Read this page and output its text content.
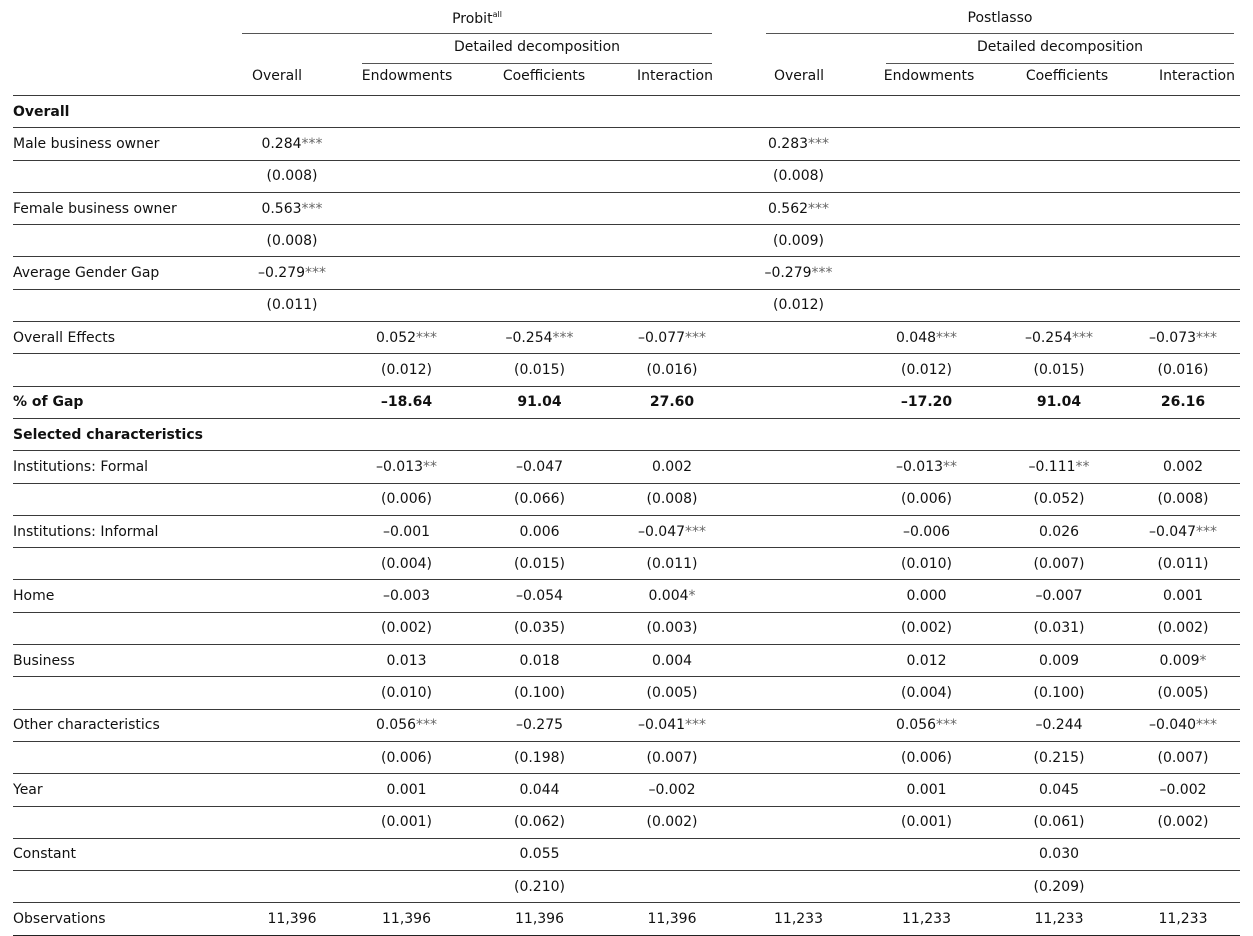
Probit$^{all}$
Detailed decomposition
Postlasso
Detailed decomposition
Overall	Endowments	Coefficients	Interaction	Overall	Endowments	Coefficients	Interaction
Overall								
Male business owner	0.284***				0.283***			
	(0.008)				(0.008)			
Female business owner	0.563***				0.562***			
	(0.008)				(0.009)			
Average Gender Gap	–0.279***				–0.279***			
	(0.011)				(0.012)			
Overall Effects		0.052***	–0.254***	–0.077***		0.048***	–0.254***	–0.073***
		(0.012)	(0.015)	(0.016)		(0.012)	(0.015)	(0.016)
% of Gap		–18.64	91.04	27.60		–17.20	91.04	26.16
Selected characteristics								
Institutions: Formal		–0.013**	–0.047	0.002		–0.013**	–0.111**	0.002
		(0.006)	(0.066)	(0.008)		(0.006)	(0.052)	(0.008)
Institutions: Informal		–0.001	0.006	–0.047***		–0.006	0.026	–0.047***
		(0.004)	(0.015)	(0.011)		(0.010)	(0.007)	(0.011)
Home		–0.003	–0.054	0.004*		0.000	–0.007	0.001
		(0.002)	(0.035)	(0.003)		(0.002)	(0.031)	(0.002)
Business		0.013	0.018	0.004		0.012	0.009	0.009*
		(0.010)	(0.100)	(0.005)		(0.004)	(0.100)	(0.005)
Other characteristics		0.056***	–0.275	–0.041***		0.056***	–0.244	–0.040***
		(0.006)	(0.198)	(0.007)		(0.006)	(0.215)	(0.007)
Year		0.001	0.044	–0.002		0.001	0.045	–0.002
		(0.001)	(0.062)	(0.002)		(0.001)	(0.061)	(0.002)
Constant			0.055				0.030	
			(0.210)				(0.209)	
Observations	11,396	11,396	11,396	11,396	11,233	11,233	11,233	11,233
